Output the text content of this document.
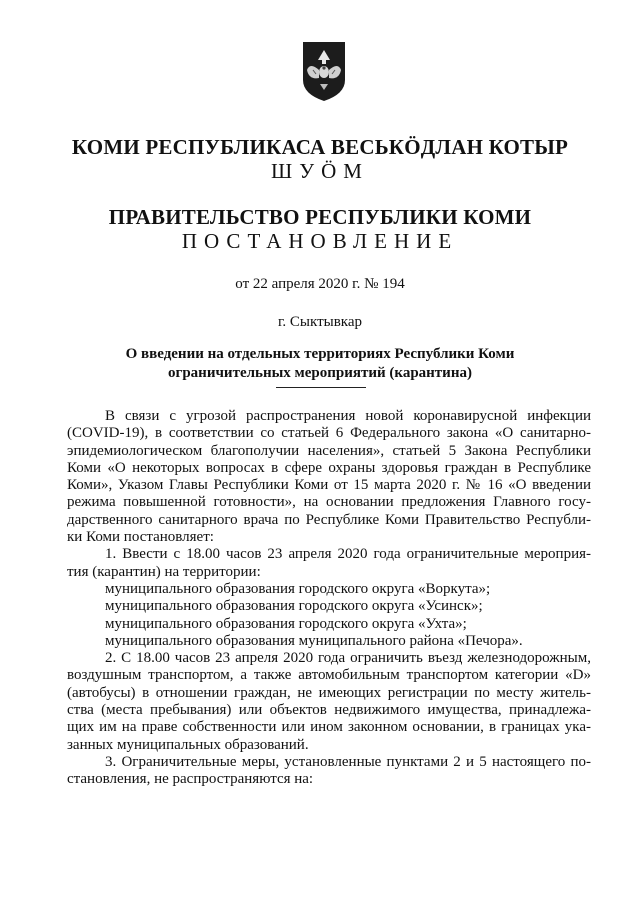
КОМИ РЕСПУБЛИКАСА ВЕСЬКӦДЛАН КОТЫР
ШУӦМ
ПРАВИТЕЛЬСТВО РЕСПУБЛИКИ КОМИ
ПОСТАНОВЛЕНИЕ
от 22 апреля 2020 г. № 194
г. Сыктывкар
О введении на отдельных территориях Республики Коми
ограничительных мероприятий (карантина)
В связи с угрозой распространения новой коронавирусной инфекции
(COVID-19), в соответствии со статьей 6 Федерального закона «О санитарно-
эпидемиологическом благополучии населения», статьей 5 Закона Республики
Коми «О некоторых вопросах в сфере охраны здоровья граждан в Республике
Коми», Указом Главы Республики Коми от 15 марта 2020 г. № 16 «О введении
режима повышенной готовности», на основании предложения Главного госу-
дарственного санитарного врача по Республике Коми Правительство Республи-
ки Коми постановляет:
1. Ввести с 18.00 часов 23 апреля 2020 года ограничительные мероприя-
тия (карантин) на территории:
муниципального образования городского округа «Воркута»;
муниципального образования городского округа «Усинск»;
муниципального образования городского округа «Ухта»;
муниципального образования муниципального района «Печора».
2. С 18.00 часов 23 апреля 2020 года ограничить въезд железнодорожным,
воздушным транспортом, а также автомобильным транспортом категории «D»
(автобусы) в отношении граждан, не имеющих регистрации по месту житель-
ства (места пребывания) или объектов недвижимого имущества, принадлежа-
щих им на праве собственности или ином законном основании, в границах ука-
занных муниципальных образований.
3. Ограничительные меры, установленные пунктами 2 и 5 настоящего по-
становления, не распространяются на:
